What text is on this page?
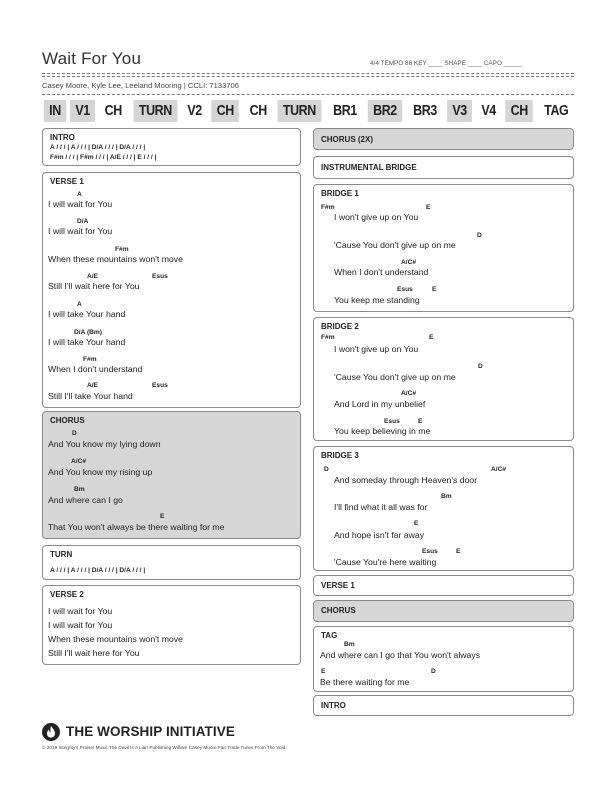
Wait For You	4/4 TEMPO 86 KEY ____ SHAPE ____ CAPO _____
Casey Moore, Kyle Lee, Leeland Mooring | CCLI: 7133706
IN	V1	CH	TURN	V2	CH	CH	TURN	BR1	BR2	BR3	V3	V4	CH	TAG
INTRO
A / / / | A / / / | D/A / / / | D/A / / / |
F#m / / / | F#m / / / | A/E / / / | E / / / |
VERSE 1
A
I will wait for You
D/A
I will wait for You
F#m
When these mountains won't move
A/E	Esus
Still I'll wait here for You
A
I will take Your hand
D/A (Bm)
I will take Your hand
F#m
When I don't understand
A/E	Esus
Still I'll take Your hand
CHORUS
D
And You know my lying down
A/C#
And You know my rising up
Bm
And where can I go
E
That You won't always be there waiting for me
TURN
A / / / | A / / / | D/A / / / | D/A / / / |
VERSE 2
I will wait for You
I will wait for You
When these mountains won't move
Still I'll wait here for You
CHORUS (2X)
INSTRUMENTAL BRIDGE
BRIDGE 1
F#m	E
I won't give up on You
D
'Cause You don't give up on me
A/C#
When I don't understand
Esus	E
You keep me standing
BRIDGE 2
F#m	E
I won't give up on You
D
'Cause You don't give up on me
A/C#
And Lord in my unbelief
Esus	E
You keep believing in me
BRIDGE 3
D	A/C#
And someday through Heaven's door
Bm
I'll find what it all was for
E
And hope isn't far away
Esus	E
'Cause You're here waiting
VERSE 1
CHORUS
TAG
Bm
And where can I go that You won't always
E	D
Be there waiting for me
INTRO
THE WORSHIP INITIATIVE
© 2019 Integrity's Praise! Music The Devil Is A Liar! Publishing William Casey Moore Fair Trade Tunes From The Void
